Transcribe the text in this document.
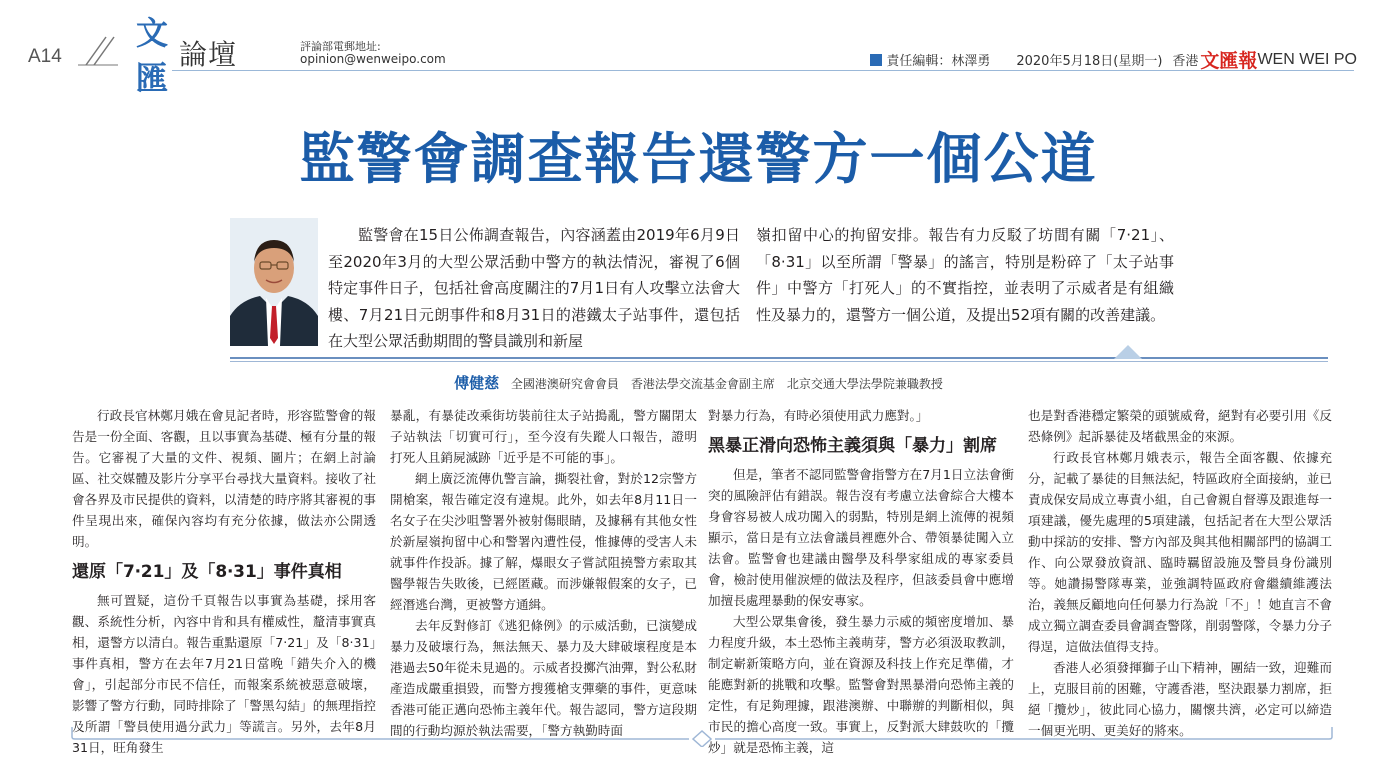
A14
文
匯
論壇	評論部電郵地址:
opinion@wenweipo.com	責任編輯：林澤勇 2020年5月18日(星期一) 香港 文匯報 WEN WEI PO
監警會調查報告還警方一個公道
監警會在15日公佈調查報告，內容涵蓋由2019年6月9日至2020年3月的大型公眾活動中警方的執法情況，審視了6個特定事件日子，包括社會高度關注的7月1日有人攻擊立法會大樓、7月21日元朗事件和8月31日的港鐵太子站事件，還包括在大型公眾活動期間的警員識別和新屋
嶺扣留中心的拘留安排。報告有力反駁了坊間有關「7‧21」、「8‧31」以至所謂「警暴」的謠言，特別是粉碎了「太子站事件」中警方「打死人」的不實指控，並表明了示威者是有組織性及暴力的，還警方一個公道，及提出52項有關的改善建議。
傅健慈 全國港澳研究會會員　香港法學交流基金會副主席　北京交通大學法學院兼職教授

行政長官林鄭月娥在會見記者時，形容監警會的報告是一份全面、客觀，且以事實為基礎、極有分量的報告。它審視了大量的文件、視頻、圖片；在網上討論區、社交媒體及影片分享平台尋找大量資料。接收了社會各界及市民提供的資料，以清楚的時序將其審視的事件呈現出來，確保內容均有充分依據，做法亦公開透明。

還原「7‧21」及「8‧31」事件真相

無可置疑，這份千頁報告以事實為基礎，採用客觀、系統性分析，內容中肯和具有權威性，釐清事實真相，還警方以清白。報告重點還原「7‧21」及「8‧31」事件真相，警方在去年7月21日當晚「錯失介入的機會」，引起部分市民不信任，而報案系統被惡意破壞，影響了警方行動，同時排除了「警黑勾結」的無理指控及所謂「警員使用過分武力」等謊言。另外，去年8月31日，旺角發生

暴亂，有暴徒改乘街坊裝前往太子站搗亂，警方關閉太子站執法「切實可行」，至今沒有失蹤人口報告，證明打死人且銷屍滅跡「近乎是不可能的事」。

網上廣泛流傳仇警言論，撕裂社會，對於12宗警方開槍案，報告確定沒有違規。此外，如去年8月11日一名女子在尖沙咀警署外被射傷眼睛，及據稱有其他女性於新屋嶺拘留中心和警署內遭性侵，惟據傳的受害人未就事件作投訴。據了解，爆眼女子嘗試阻撓警方索取其醫學報告失敗後，已經匿藏。而涉嫌報假案的女子，已經潛逃台灣，更被警方通緝。

去年反對修訂《逃犯條例》的示威活動，已演變成暴力及破壞行為，無法無天、暴力及大肆破壞程度是本港過去50年從未見過的。示威者投擲汽油彈，對公私財產造成嚴重損毀，而警方搜獲槍支彈藥的事件，更意味香港可能正邁向恐怖主義年代。報告認同，警方這段期間的行動均源於執法需要，「警方執勤時面

對暴力行為，有時必須使用武力應對。」

黑暴正滑向恐怖主義須與「暴力」割席

但是，筆者不認同監警會指警方在7月1日立法會衝突的風險評估有錯誤。報告沒有考慮立法會綜合大樓本身會容易被人成功闖入的弱點，特別是網上流傳的視頻顯示，當日是有立法會議員裡應外合、帶領暴徒闖入立法會。監警會也建議由醫學及科學家組成的專家委員會，檢討使用催淚煙的做法及程序，但該委員會中應增加擅長處理暴動的保安專家。

大型公眾集會後，發生暴力示威的頻密度增加、暴力程度升級，本土恐怖主義萌芽，警方必須汲取教訓，制定嶄新策略方向，並在資源及科技上作充足準備，才能應對新的挑戰和攻擊。監警會對黑暴滑向恐怖主義的定性，有足夠理據，跟港澳辦、中聯辦的判斷相似，與市民的擔心高度一致。事實上，反對派大肆鼓吹的「攬炒」就是恐怖主義，這

也是對香港穩定繁榮的頭號威脅，絕對有必要引用《反恐條例》起訴暴徒及堵截黑金的來源。

行政長官林鄭月娥表示，報告全面客觀、依據充分，記載了暴徒的目無法紀，特區政府全面接納，並已責成保安局成立專責小組，自己會親自督導及跟進每一項建議，優先處理的5項建議，包括記者在大型公眾活動中採訪的安排、警方內部及與其他相關部門的協調工作、向公眾發放資訊、臨時羈留設施及警員身份識別等。她讚揚警隊專業，並強調特區政府會繼續維護法治，義無反顧地向任何暴力行為說「不」！她直言不會成立獨立調查委員會調查警隊，削弱警隊，令暴力分子得逞，這做法值得支持。

香港人必須發揮獅子山下精神，團結一致，迎難而上，克服目前的困難，守護香港，堅決跟暴力割席，拒絕「攬炒」，彼此同心協力，關懷共濟，必定可以締造一個更光明、更美好的將來。
